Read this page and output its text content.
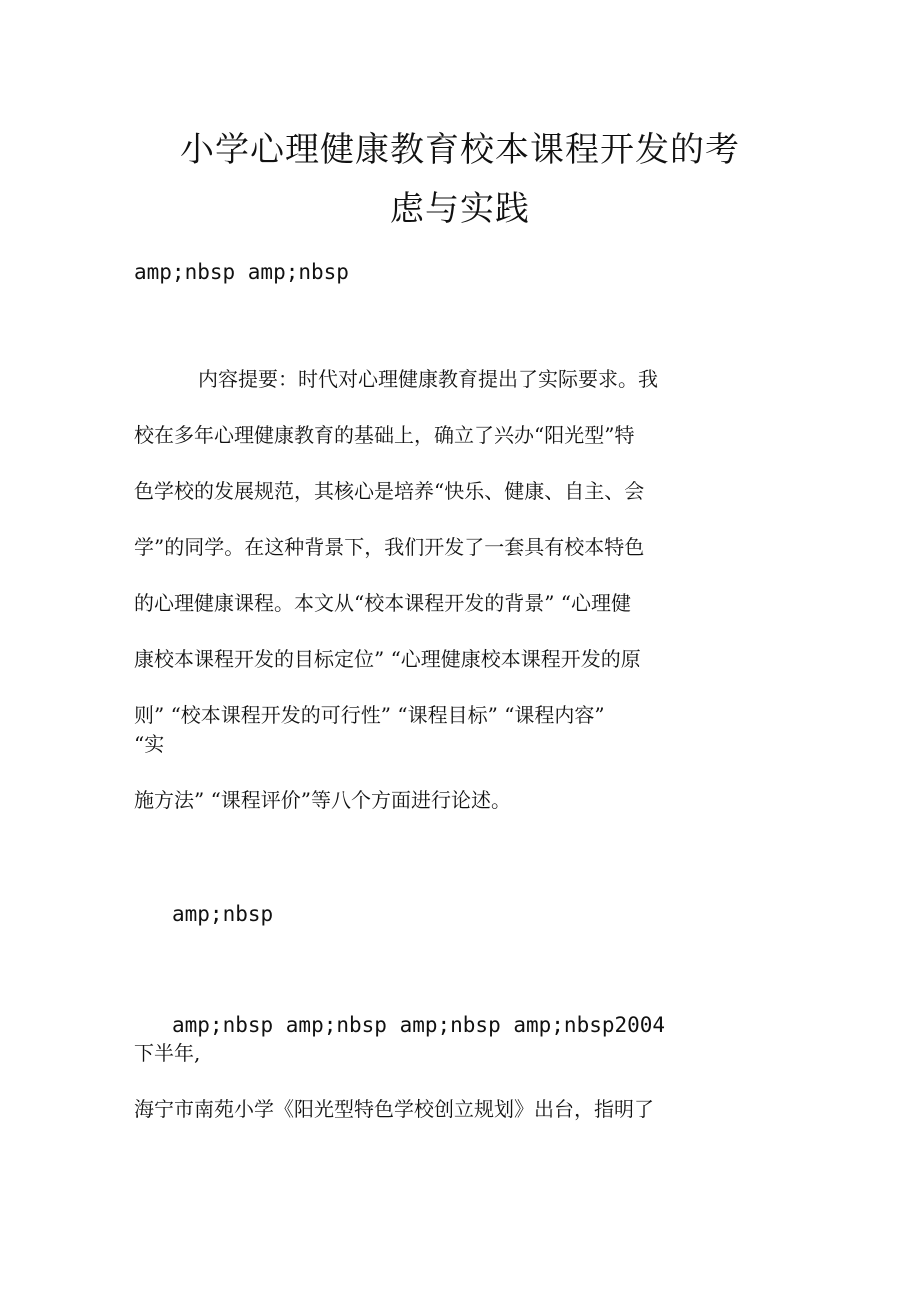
小学心理健康教育校本课程开发的考
虑与实践
amp;nbsp amp;nbsp
内容提要：时代对心理健康教育提出了实际要求。我
校在多年心理健康教育的基础上，确立了兴办“阳光型”特
色学校的发展规范，其核心是培养“快乐、健康、自主、会
学”的同学。在这种背景下，我们开发了一套具有校本特色
的心理健康课程。本文从“校本课程开发的背景” “心理健
康校本课程开发的目标定位” “心理健康校本课程开发的原
则” “校本课程开发的可行性” “课程目标” “课程内容”
“实
施方法” “课程评价”等八个方面进行论述。
amp;nbsp
amp;nbsp amp;nbsp amp;nbsp amp;nbsp2004
下半年,
海宁市南苑小学《阳光型特色学校创立规划》出台，指明了
